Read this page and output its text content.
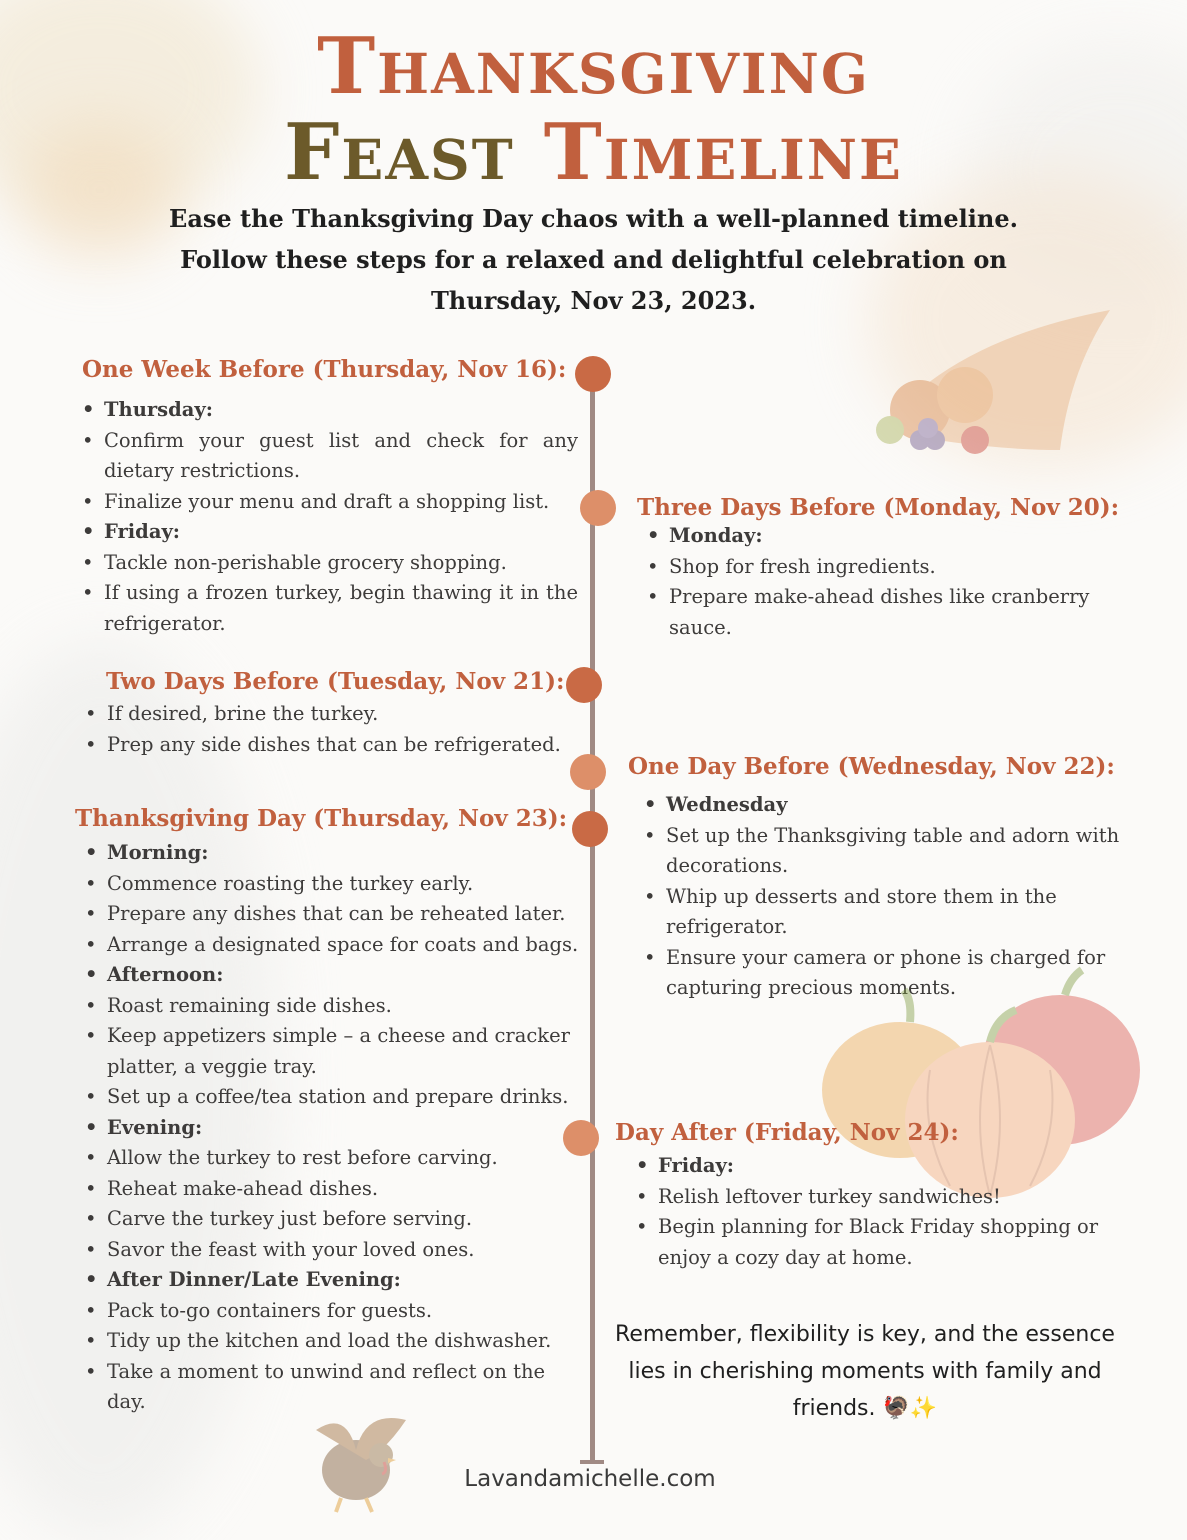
Thanksgiving
Feast Timeline
Ease the Thanksgiving Day chaos with a well-planned timeline. Follow these steps for a relaxed and delightful celebration on Thursday, Nov 23, 2023.
One Week Before (Thursday, Nov 16):
• Thursday:
• Confirm your guest list and check for any dietary restrictions.
• Finalize your menu and draft a shopping list.
• Friday:
• Tackle non-perishable grocery shopping.
• If using a frozen turkey, begin thawing it in the refrigerator.
Three Days Before (Monday, Nov 20):
• Monday:
• Shop for fresh ingredients.
• Prepare make-ahead dishes like cranberry sauce.
Two Days Before (Tuesday, Nov 21):
• If desired, brine the turkey.
• Prep any side dishes that can be refrigerated.
One Day Before (Wednesday, Nov 22):
• Wednesday
• Set up the Thanksgiving table and adorn with decorations.
• Whip up desserts and store them in the refrigerator.
• Ensure your camera or phone is charged for capturing precious moments.
Thanksgiving Day (Thursday, Nov 23):
• Morning:
• Commence roasting the turkey early.
• Prepare any dishes that can be reheated later.
• Arrange a designated space for coats and bags.
• Afternoon:
• Roast remaining side dishes.
• Keep appetizers simple – a cheese and cracker platter, a veggie tray.
• Set up a coffee/tea station and prepare drinks.
• Evening:
• Allow the turkey to rest before carving.
• Reheat make-ahead dishes.
• Carve the turkey just before serving.
• Savor the feast with your loved ones.
• After Dinner/Late Evening:
• Pack to-go containers for guests.
• Tidy up the kitchen and load the dishwasher.
• Take a moment to unwind and reflect on the day.
Day After (Friday, Nov 24):
• Friday:
• Relish leftover turkey sandwiches!
• Begin planning for Black Friday shopping or enjoy a cozy day at home.
Remember, flexibility is key, and the essence lies in cherishing moments with family and friends. 🦃✨
Lavandamichelle.com
